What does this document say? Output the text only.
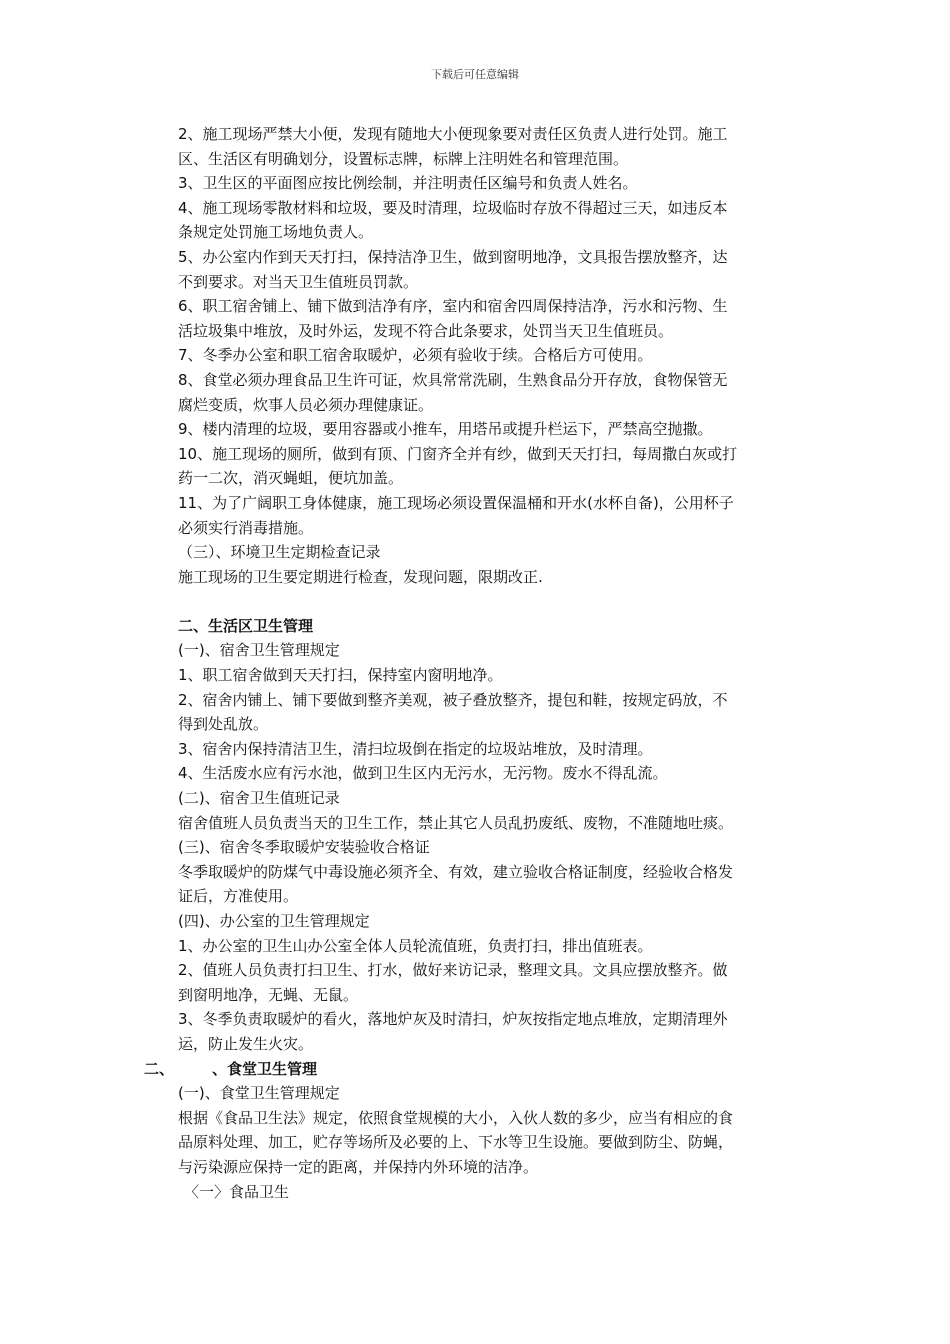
下载后可任意编辑
2、施工现场严禁大小便，发现有随地大小便现象要对责任区负责人进行处罚。施工
区、生活区有明确划分，设置标志牌，标牌上注明姓名和管理范围。
3、卫生区的平面图应按比例绘制，并注明责任区编号和负责人姓名。
4、施工现场零散材料和垃圾，要及时清理，垃圾临时存放不得超过三天，如违反本
条规定处罚施工场地负责人。
5、办公室内作到天天打扫，保持洁净卫生，做到窗明地净，文具报告摆放整齐，达
不到要求。对当天卫生值班员罚款。
6、职工宿舍铺上、铺下做到洁净有序，室内和宿舍四周保持洁净，污水和污物、生
活垃圾集中堆放，及时外运，发现不符合此条要求，处罚当天卫生值班员。
7、冬季办公室和职工宿舍取暖炉，必须有验收于续。合格后方可使用。
8、食堂必须办理食品卫生许可证，炊具常常洗刷，生熟食品分开存放，食物保管无
腐烂变质，炊事人员必须办理健康证。
9、楼内清理的垃圾，要用容器或小推车，用塔吊或提升栏运下，严禁高空抛撒。
10、施工现场的厕所，做到有顶、门窗齐全并有纱，做到天天打扫，每周撒白灰或打
药一二次，消灭蝇蛆，便坑加盖。
11、为了广阔职工身体健康，施工现场必须设置保温桶和开水(水杯自备)，公用杯子
必须实行消毒措施。
（三）、环境卫生定期检查记录
施工现场的卫生要定期进行检查，发现问题，限期改正.
二、生活区卫生管理
(一)、宿舍卫生管理规定
1、职工宿舍做到天天打扫，保持室内窗明地净。
2、宿舍内铺上、铺下要做到整齐美观，被子叠放整齐，提包和鞋，按规定码放，不
得到处乱放。
3、宿舍内保持清洁卫生，清扫垃圾倒在指定的垃圾站堆放，及时清理。
4、生活废水应有污水池，做到卫生区内无污水，无污物。废水不得乱流。
(二)、宿舍卫生值班记录
宿舍值班人员负责当天的卫生工作，禁止其它人员乱扔废纸、废物，不准随地吐痰。
(三)、宿舍冬季取暖炉安装验收合格证
冬季取暖炉的防煤气中毒设施必须齐全、有效，建立验收合格证制度，经验收合格发
证后，方准使用。
(四)、办公室的卫生管理规定
1、办公室的卫生山办公室全体人员轮流值班，负责打扫，排出值班表。
2、值班人员负责打扫卫生、打水，做好来访记录，整理文具。文具应摆放整齐。做
到窗明地净，无蝇、无鼠。
3、冬季负责取暖炉的看火，落地炉灰及时清扫，炉灰按指定地点堆放，定期清理外
运，防止发生火灾。
二、	、食堂卫生管理
(一)、食堂卫生管理规定
根据《食品卫生法》规定，依照食堂规模的大小，入伙人数的多少，应当有相应的食
品原料处理、加工，贮存等场所及必要的上、下水等卫生设施。要做到防尘、防蝇，
与污染源应保持一定的距离，并保持内外环境的洁净。
〈一〉食品卫生
